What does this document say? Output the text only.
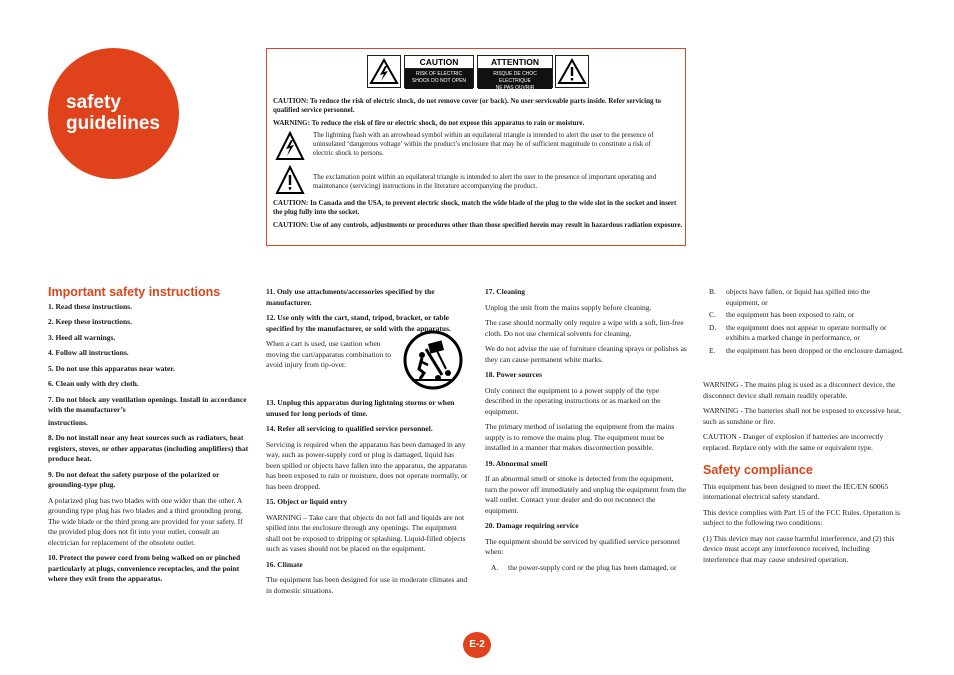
safety
guidelines
CAUTION
RISK OF ELECTRIC
SHOCK DO NOT OPEN
ATTENTION
RISQUE DE CHOC ELECTRIQUE
NE PAS OUVRIR

CAUTION: To reduce the risk of electric shock, do not remove cover (or back). No user serviceable parts inside. Refer servicing to qualified service personnel.

WARNING: To reduce the risk of fire or electric shock, do not expose this apparatus to rain or moisture.

The lightning flash with an arrowhead symbol within an equilateral triangle is intended to alert the user to the presence of uninsulated ‘dangerous voltage’ within the product’s enclosure that may be of sufficient magnitude to constitute a risk of electric shock to persons.

The exclamation point within an equilateral triangle is intended to alert the user to the presence of important operating and maintenance (servicing) instructions in the literature accompanying the product.

CAUTION: In Canada and the USA, to prevent electric shock, match the wide blade of the plug to the wide slot in the socket and insert the plug fully into the socket.

CAUTION: Use of any controls, adjustments or procedures other than those specified herein may result in hazardous radiation exposure.

Important safety instructions

1. Read these instructions.

2. Keep these instructions.

3. Heed all warnings.

4. Follow all instructions.

5. Do not use this apparatus near water.

6. Clean only with dry cloth.

7. Do not block any ventilation openings. Install in accordance with the manufacturer’s

instructions.

8. Do not install near any heat sources such as radiators, heat registers, stoves, or other apparatus (including amplifiers) that produce heat.

9. Do not defeat the safety purpose of the polarized or grounding-type plug.

A polarized plug has two blades with one wider than the other. A grounding type plug has two blades and a third grounding prong. The wide blade or the third prong are provided for your safety. If the provided plug does not fit into your outlet, consult an electrician for replacement of the obsolete outlet.

10. Protect the power cord from being walked on or pinched particularly at plugs, convenience receptacles, and the point where they exit from the apparatus.

11. Only use attachments/accessories specified by the manufacturer.

12. Use only with the cart, stand, tripod, bracket, or table specified by the manufacturer, or sold with the apparatus.

When a cart is used, use caution when moving the cart/apparatus combination to avoid injury from tip-over.

13. Unplug this apparatus during lightning storms or when unused for long periods of time.

14. Refer all servicing to qualified service personnel.

Servicing is required when the apparatus has been damaged in any way, such as power-supply cord or plug is damaged, liquid has been spilled or objects have fallen into the apparatus, the apparatus has been exposed to rain or moisture, does not operate normally, or has been dropped.

15. Object or liquid entry

WARNING – Take care that objects do not fall and liquids are not spilled into the enclosure through any openings. The equipment shall not be exposed to dripping or splashing. Liquid-filled objects such as vases should not be placed on the equipment.

16. Climate

The equipment has been designed for use in moderate climates and in domestic situations.

17. Cleaning

Unplug the unit from the mains supply before cleaning.

The case should normally only require a wipe with a soft, lint-free cloth. Do not use chemical solvents for cleaning.

We do not advise the use of furniture cleaning sprays or polishes as they can cause permanent white marks.

18. Power sources

Only connect the equipment to a power supply of the type described in the operating instructions or as marked on the equipment.

The primary method of isolating the equipment from the mains supply is to remove the mains plug. The equipment must be installed in a manner that makes disconnection possible.

19. Abnormal smell

If an abnormal smell or smoke is detected from the equipment, turn the power off immediately and unplug the equipment from the wall outlet. Contact your dealer and do not reconnect the equipment.

20. Damage requiring service

The equipment should be serviced by qualified service personnel when:

A.	the power-supply cord or the plug has been damaged, or
B.	objects have fallen, or liquid has spilled into the equipment, or
C.	the equipment has been exposed to rain, or
D.	the equipment does not appear to operate normally or exhibits a marked change in performance, or
E.	the equipment has been dropped or the enclosure damaged.

WARNING - The mains plug is used as a disconnect device, the disconnect device shall remain readily operable.

WARNING - The batteries shall not be exposed to excessive heat, such as sunshine or fire.

CAUTION - Danger of explosion if batteries are incorrectly replaced. Replace only with the same or equivalent type.

Safety compliance

This equipment has been designed to meet the IEC/EN 60065 international electrical safety standard.

This device complies with Part 15 of the FCC Rules. Operation is subject to the following two conditions:

(1) This device may not cause harmful interference, and (2) this device must accept any interference received, including interference that may cause undesired operation.

E-2
